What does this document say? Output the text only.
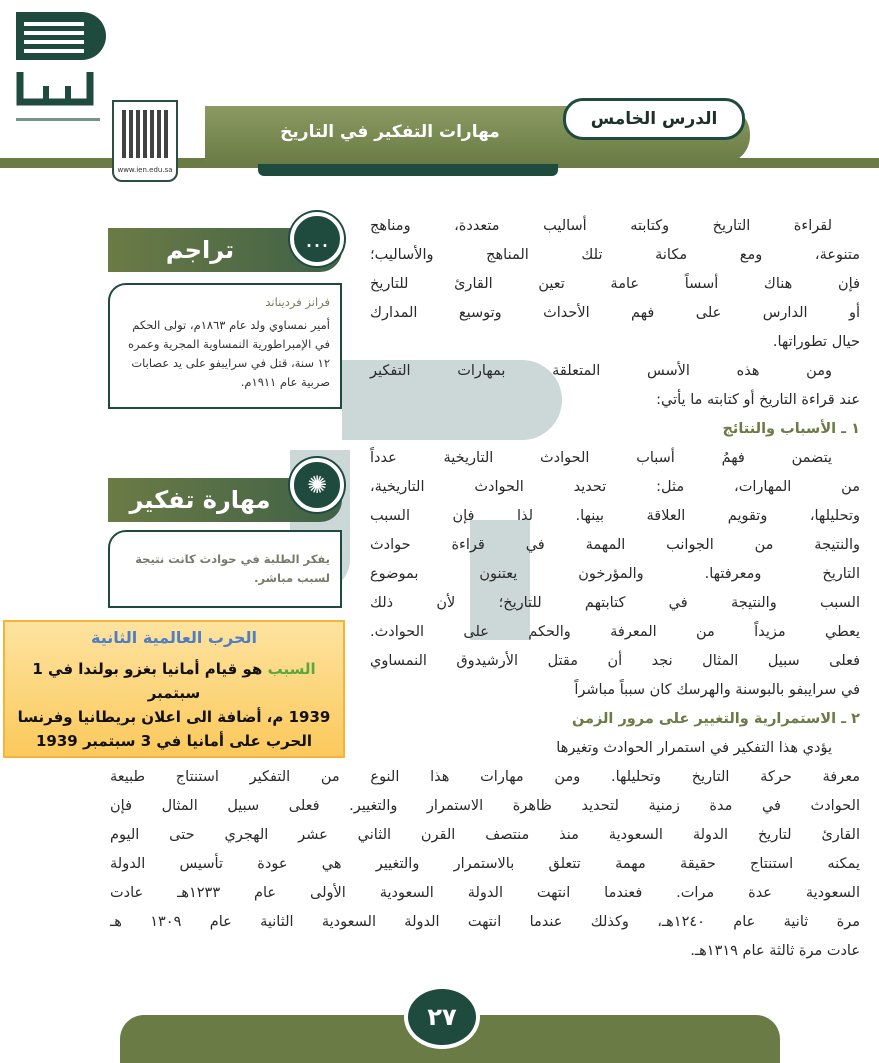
الدرس الخامس
مهارات التفكير في التاريخ
www.ien.edu.sa
تراجم	…
فرانز فرديناند
أمير نمساوي ولد عام ١٨٦٣م، تولى الحكم في الإمبراطورية النمساوية المجرية وعمره ١٢ سنة، قتل في سرايبفو على يد عصابات صربية عام ١٩١١م.
مهارة تفكير
✺
يفكر الطلبة في حوادث كانت نتيجة لسبب مباشر.

لقراءة التاريخ وكتابته أساليب متعددة، ومناهج

متنوعة، ومع مكانة تلك المناهج والأساليب؛

فإن هناك أسساً عامة تعين القارئ للتاريخ

أو الدارس على فهم الأحداث وتوسيع المدارك

حيال تطوراتها.

ومن هذه الأسس المتعلقة بمهارات التفكير

عند قراءة التاريخ أو كتابته ما يأتي:

١ ـ الأسباب والنتائج

يتضمن فهمُ أسباب الحوادث التاريخية عدداً

من المهارات، مثل: تحديد الحوادث التاريخية،

وتحليلها، وتقويم العلاقة بينها. لذا فإن السبب

والنتيجة من الجوانب المهمة في قراءة حوادث

التاريخ ومعرفتها. والمؤرخون يعتنون بموضوع

السبب والنتيجة في كتابتهم للتاريخ؛ لأن ذلك

يعطي مزيداً من المعرفة والحكم على الحوادث.

فعلى سبيل المثال نجد أن مقتل الأرشيدوق النمساوي

في سرايبفو بالبوسنة والهرسك كان سبباً مباشراً

٢ ـ الاستمرارية والتغيير على مرور الزمن

يؤدي هذا التفكير في استمرار الحوادث وتغيرها

معرفة حركة التاريخ وتحليلها. ومن مهارات هذا النوع من التفكير استنتاج طبيعة

الحوادث في مدة زمنية لتحديد ظاهرة الاستمرار والتغيير. فعلى سبيل المثال فإن

القارئ لتاريخ الدولة السعودية منذ منتصف القرن الثاني عشر الهجري حتى اليوم

يمكنه استنتاج حقيقة مهمة تتعلق بالاستمرار والتغيير هي عودة تأسيس الدولة

السعودية عدة مرات. فعندما انتهت الدولة السعودية الأولى عام ١٢٣٣هـ عادت

مرة ثانية عام ١٢٤٠هـ، وكذلك عندما انتهت الدولة السعودية الثانية عام ١٣٠٩ هـ

عادت مرة ثالثة عام ١٣١٩هـ.

الحرب العالمية الثانية
السبب هو قيام أمانيا بغزو بولندا في 1 سبتمبر
1939 م، أضافة الى اعلان بريطانيا وفرنسا
الحرب على أمانيا في 3 سبتمبر 1939
٢٧
